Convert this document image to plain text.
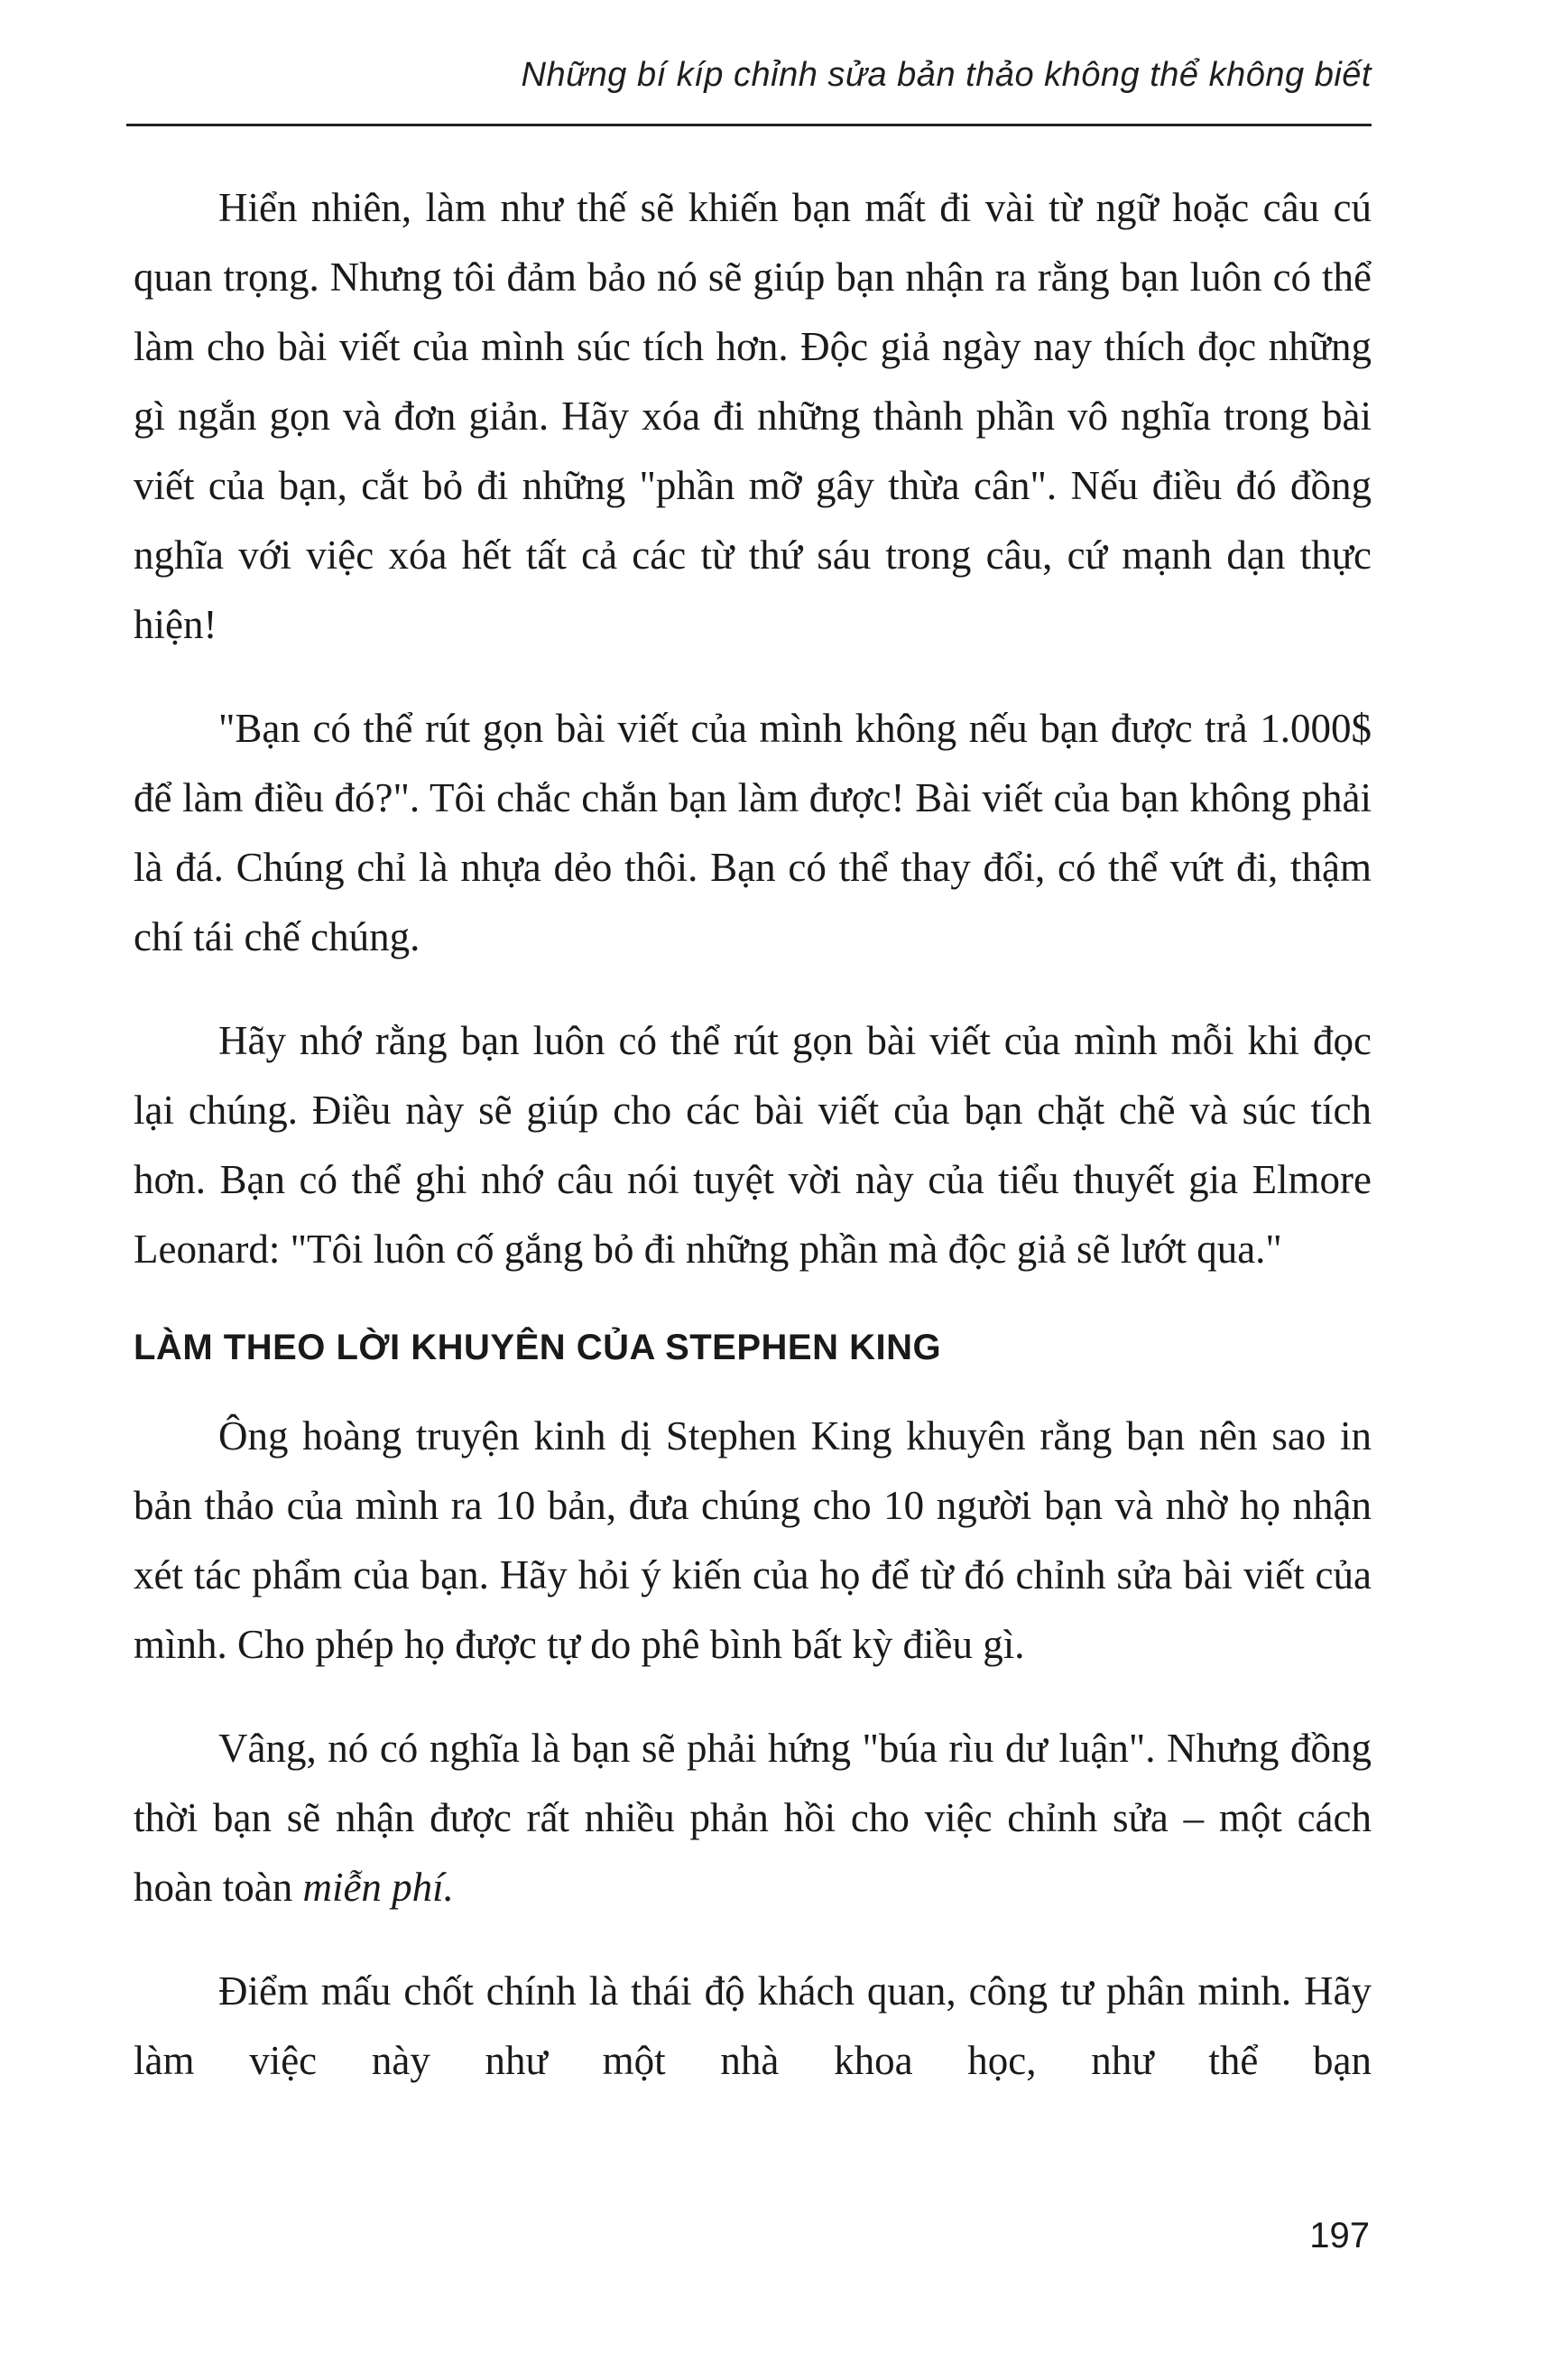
Những bí kíp chỉnh sửa bản thảo không thể không biết

Hiển nhiên, làm như thế sẽ khiến bạn mất đi vài từ ngữ hoặc câu cú quan trọng. Nhưng tôi đảm bảo nó sẽ giúp bạn nhận ra rằng bạn luôn có thể làm cho bài viết của mình súc tích hơn. Độc giả ngày nay thích đọc những gì ngắn gọn và đơn giản. Hãy xóa đi những thành phần vô nghĩa trong bài viết của bạn, cắt bỏ đi những "phần mỡ gây thừa cân". Nếu điều đó đồng nghĩa với việc xóa hết tất cả các từ thứ sáu trong câu, cứ mạnh dạn thực hiện!

"Bạn có thể rút gọn bài viết của mình không nếu bạn được trả 1.000$ để làm điều đó?". Tôi chắc chắn bạn làm được! Bài viết của bạn không phải là đá. Chúng chỉ là nhựa dẻo thôi. Bạn có thể thay đổi, có thể vứt đi, thậm chí tái chế chúng.

Hãy nhớ rằng bạn luôn có thể rút gọn bài viết của mình mỗi khi đọc lại chúng. Điều này sẽ giúp cho các bài viết của bạn chặt chẽ và súc tích hơn. Bạn có thể ghi nhớ câu nói tuyệt vời này của tiểu thuyết gia Elmore Leonard: "Tôi luôn cố gắng bỏ đi những phần mà độc giả sẽ lướt qua."

LÀM THEO LỜI KHUYÊN CỦA STEPHEN KING

Ông hoàng truyện kinh dị Stephen King khuyên rằng bạn nên sao in bản thảo của mình ra 10 bản, đưa chúng cho 10 người bạn và nhờ họ nhận xét tác phẩm của bạn. Hãy hỏi ý kiến của họ để từ đó chỉnh sửa bài viết của mình. Cho phép họ được tự do phê bình bất kỳ điều gì.

Vâng, nó có nghĩa là bạn sẽ phải hứng "búa rìu dư luận". Nhưng đồng thời bạn sẽ nhận được rất nhiều phản hồi cho việc chỉnh sửa – một cách hoàn toàn miễn phí.

Điểm mấu chốt chính là thái độ khách quan, công tư phân minh. Hãy làm việc này như một nhà khoa học, như thể bạn

197
